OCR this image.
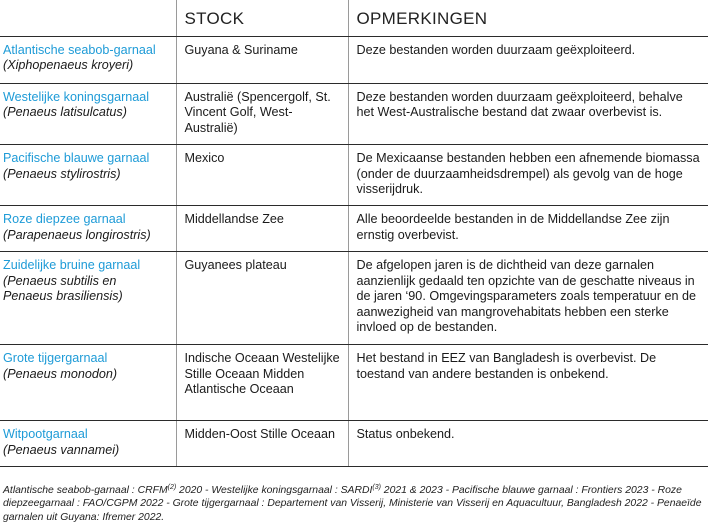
	STOCK	OPMERKINGEN

Atlantische seabob-garnaal
(Xiphopenaeus kroyeri)	Guyana & Suriname	Deze bestanden worden duurzaam geëxploiteerd.

Westelijke koningsgarnaal
(Penaeus latisulcatus)	Australië (Spencergolf, St. Vincent Golf, West-Australië)	Deze bestanden worden duurzaam geëxploiteerd, behalve het West-Australische bestand dat zwaar overbevist is.

Pacifische blauwe garnaal
(Penaeus stylirostris)	Mexico	De Mexicaanse bestanden hebben een afnemende biomassa (onder de duurzaamheidsdrempel) als gevolg van de hoge visserijdruk.

Roze diepzee garnaal
(Parapenaeus longirostris)	Middellandse Zee	Alle beoordeelde bestanden in de Middellandse Zee zijn ernstig overbevist.

Zuidelijke bruine garnaal
(Penaeus subtilis en Penaeus brasiliensis)	Guyanees plateau	De afgelopen jaren is de dichtheid van deze garnalen aanzienlijk gedaald ten opzichte van de geschatte niveaus in de jaren ‘90. Omgevingsparameters zoals temperatuur en de aanwezigheid van mangrovehabitats hebben een sterke invloed op de bestanden.

Grote tijgergarnaal
(Penaeus monodon)	Indische Oceaan Westelijke Stille Oceaan Midden Atlantische Oceaan	Het bestand in EEZ van Bangladesh is overbevist. De toestand van andere bestanden is onbekend.

Witpootgarnaal
(Penaeus vannamei)	Midden-Oost Stille Oceaan	Status onbekend.
Atlantische seabob-garnaal : CRFM$^{(2)}$ 2020 - Westelijke koningsgarnaal : SARDI$^{(3)}$ 2021 & 2023 - Pacifische blauwe garnaal : Frontiers 2023 - Roze diepzeegarnaal : FAO/CGPM 2022 - Grote tijgergarnaal : Departement van Visserij, Ministerie van Visserij en Aquacultuur, Bangladesh 2022 - Penaeïde garnalen uit Guyana: Ifremer 2022.
